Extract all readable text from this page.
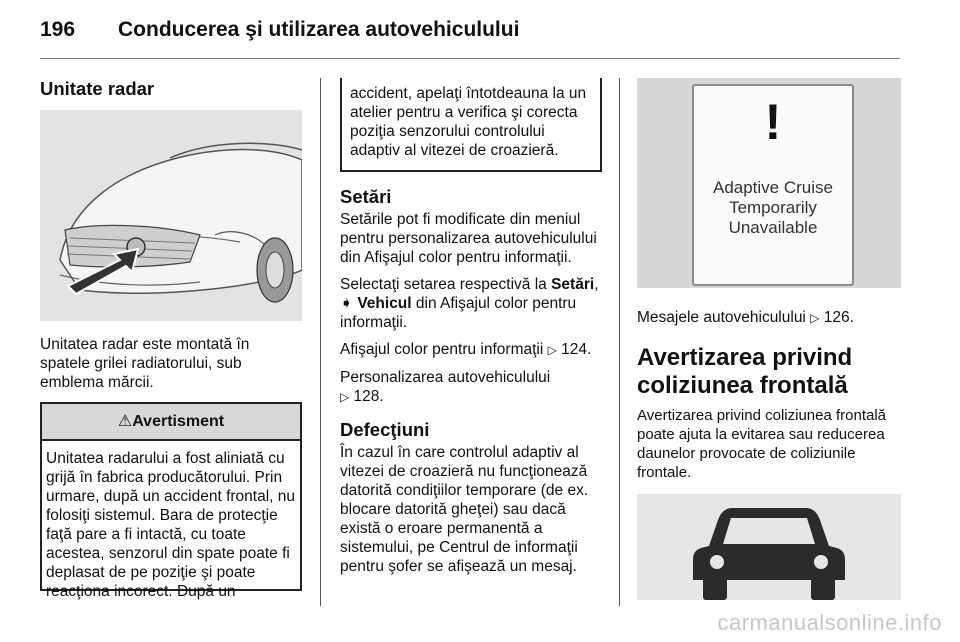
196 Conducerea şi utilizarea autovehiculului
Unitate radar

Unitatea radar este montată în spatele grilei radiatorului, sub emblema mărcii.

⚠Avertisment
Unitatea radarului a fost aliniată cu grijă în fabrica producătorului. Prin urmare, după un accident frontal, nu folosiţi sistemul. Bara de protecţie faţă pare a fi intactă, cu toate acestea, senzorul din spate poate fi deplasat de pe poziţie şi poate reacţiona incorect. După un
accident, apelaţi întotdeauna la un atelier pentru a verifica şi corecta poziţia senzorului controlului adaptiv al vitezei de croazieră.
Setări

Setările pot fi modificate din meniul pentru personalizarea autovehiculului din Afişajul color pentru informaţii.

Selectaţi setarea respectivă la Setări,
➧ Vehicul din Afişajul color pentru informaţii.

Afişajul color pentru informaţii ▷ 124.

Personalizarea autovehiculului
▷ 128.

Defecţiuni

În cazul în care controlul adaptiv al vitezei de croazieră nu funcţionează datorită condiţiilor temporare (de ex. blocare datorită gheţei) sau dacă există o eroare permanentă a sistemului, pe Centrul de informaţii pentru şofer se afişează un mesaj.

!
Adaptive Cruise
Temporarily
Unavailable

Mesajele autovehiculului ▷ 126.

Avertizarea privind coliziunea frontală

Avertizarea privind coliziunea frontală poate ajuta la evitarea sau reducerea daunelor provocate de coliziunile frontale.

carmanualsonline.info
